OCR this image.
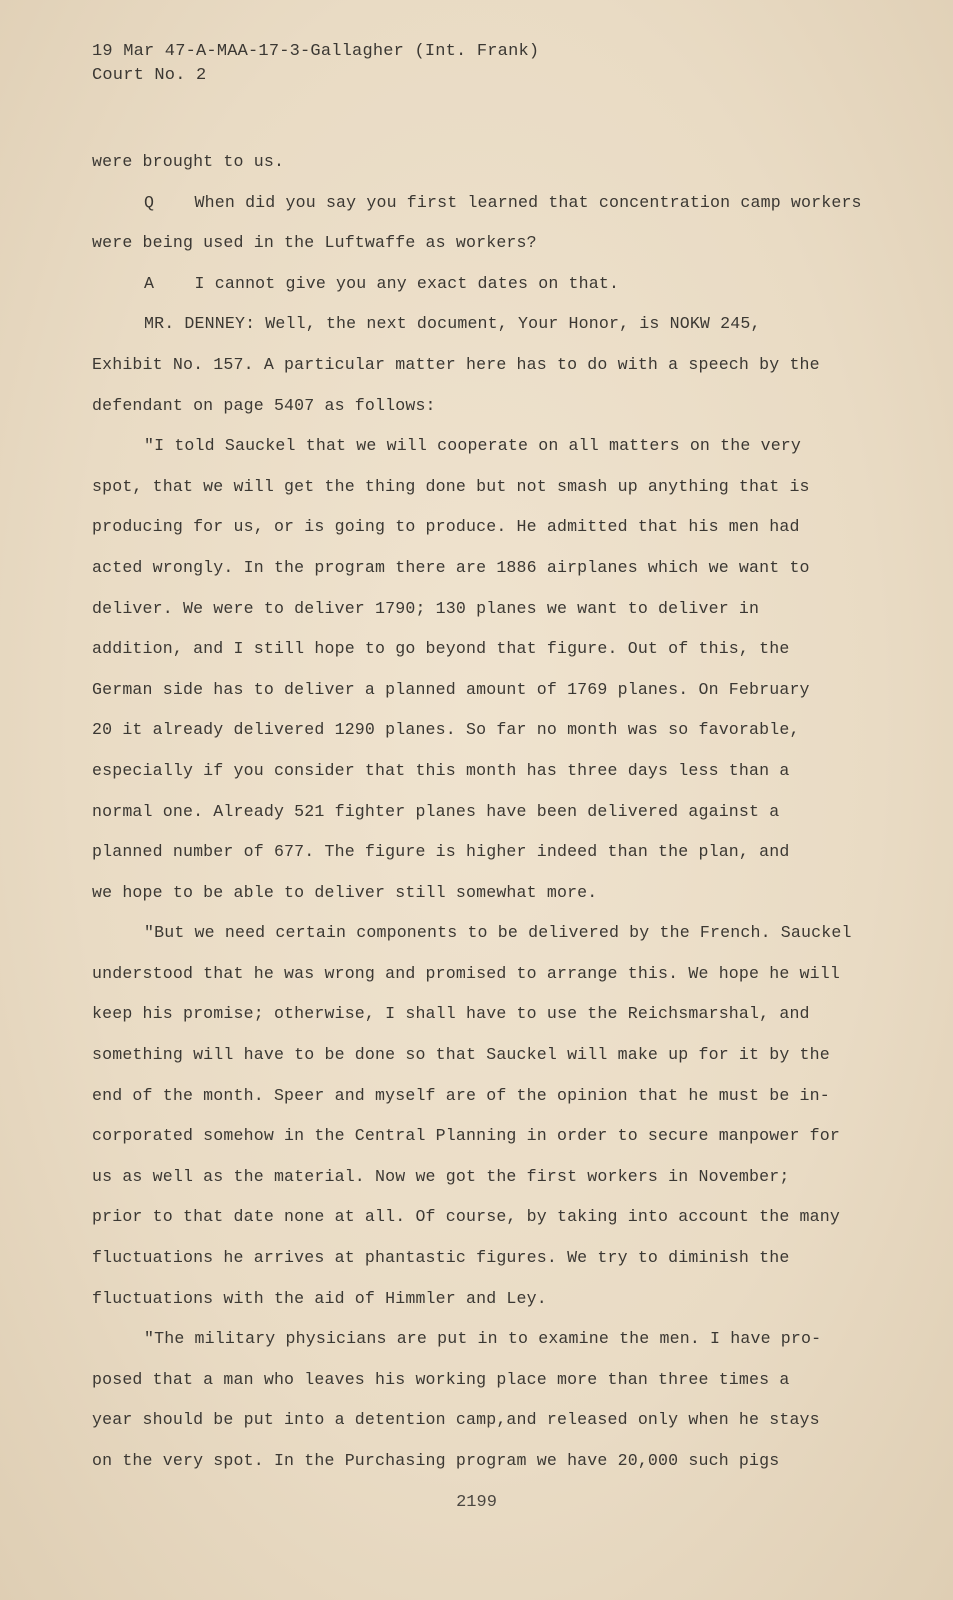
19 Mar 47-A-MAA-17-3-Gallagher (Int. Frank)
Court No. 2
were brought to us.
Q    When did you say you first learned that concentration camp workers
were being used in the Luftwaffe as workers?
A    I cannot give you any exact dates on that.
MR. DENNEY: Well, the next document, Your Honor, is NOKW 245,
Exhibit No. 157. A particular matter here has to do with a speech by the
defendant on page 5407 as follows:
"I told Sauckel that we will cooperate on all matters on the very
spot, that we will get the thing done but not smash up anything that is
producing for us, or is going to produce. He admitted that his men had
acted wrongly. In the program there are 1886 airplanes which we want to
deliver. We were to deliver 1790; 130 planes we want to deliver in
addition, and I still hope to go beyond that figure. Out of this, the
German side has to deliver a planned amount of 1769 planes. On February
20 it already delivered 1290 planes. So far no month was so favorable,
especially if you consider that this month has three days less than a
normal one. Already 521 fighter planes have been delivered against a
planned number of 677. The figure is higher indeed than the plan, and
we hope to be able to deliver still somewhat more.
"But we need certain components to be delivered by the French. Sauckel
understood that he was wrong and promised to arrange this. We hope he will
keep his promise; otherwise, I shall have to use the Reichsmarshal, and
something will have to be done so that Sauckel will make up for it by the
end of the month. Speer and myself are of the opinion that he must be in-
corporated somehow in the Central Planning in order to secure manpower for
us as well as the material. Now we got the first workers in November;
prior to that date none at all. Of course, by taking into account the many
fluctuations he arrives at phantastic figures. We try to diminish the
fluctuations with the aid of Himmler and Ley.
"The military physicians are put in to examine the men. I have pro-
posed that a man who leaves his working place more than three times a
year should be put into a detention camp,and released only when he stays
on the very spot. In the Purchasing program we have 20,000 such pigs
2199
